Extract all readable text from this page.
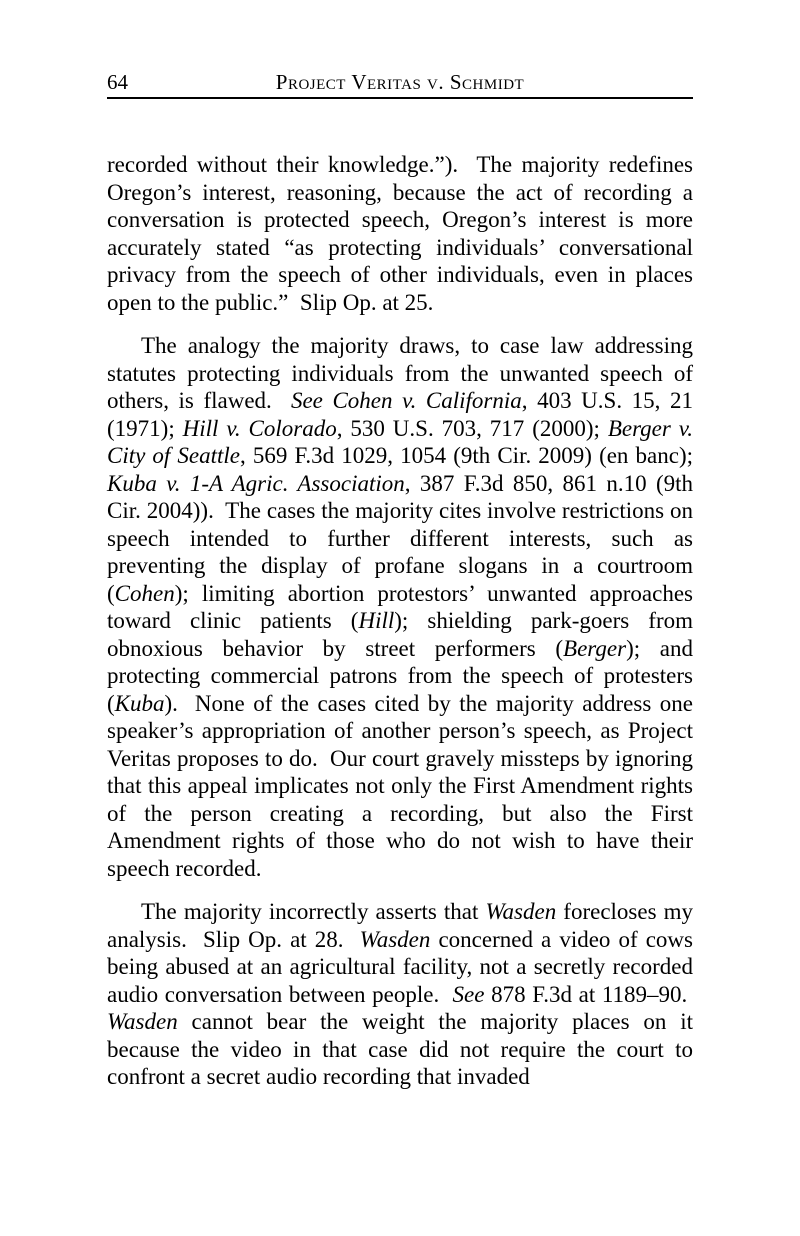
64	Project Veritas v. Schmidt

recorded without their knowledge.”).  The majority redefines Oregon’s interest, reasoning, because the act of recording a conversation is protected speech, Oregon’s interest is more accurately stated “as protecting individuals’ conversational privacy from the speech of other individuals, even in places open to the public.”  Slip Op. at 25.

The analogy the majority draws, to case law addressing statutes protecting individuals from the unwanted speech of others, is flawed.  See Cohen v. California, 403 U.S. 15, 21 (1971); Hill v. Colorado, 530 U.S. 703, 717 (2000); Berger v. City of Seattle, 569 F.3d 1029, 1054 (9th Cir. 2009) (en banc); Kuba v. 1-A Agric. Association, 387 F.3d 850, 861 n.10 (9th Cir. 2004)).  The cases the majority cites involve restrictions on speech intended to further different interests, such as preventing the display of profane slogans in a courtroom (Cohen); limiting abortion protestors’ unwanted approaches toward clinic patients (Hill); shielding park-goers from obnoxious behavior by street performers (Berger); and protecting commercial patrons from the speech of protesters (Kuba).  None of the cases cited by the majority address one speaker’s appropriation of another person’s speech, as Project Veritas proposes to do.  Our court gravely missteps by ignoring that this appeal implicates not only the First Amendment rights of the person creating a recording, but also the First Amendment rights of those who do not wish to have their speech recorded.

The majority incorrectly asserts that Wasden forecloses my analysis.  Slip Op. at 28.  Wasden concerned a video of cows being abused at an agricultural facility, not a secretly recorded audio conversation between people.  See 878 F.3d at 1189–90.  Wasden cannot bear the weight the majority places on it because the video in that case did not require the court to confront a secret audio recording that invaded
